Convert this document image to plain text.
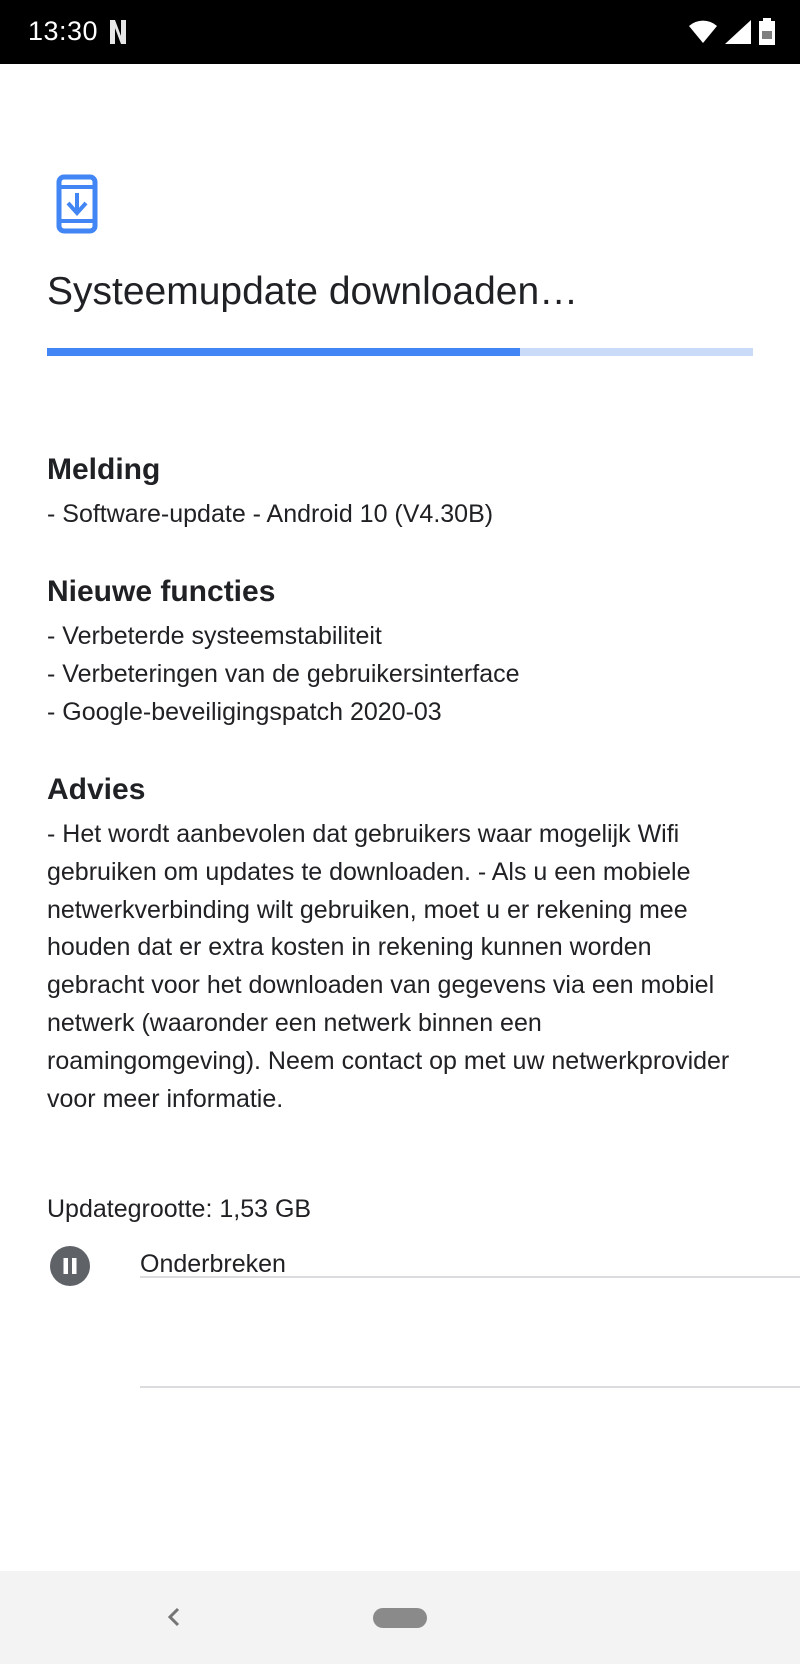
13:30
Systeemupdate downloaden…
Melding

- Software-update - Android 10 (V4.30B)

Nieuwe functies

- Verbeterde systeemstabiliteit

- Verbeteringen van de gebruikersinterface

- Google-beveiligingspatch 2020-03

Advies

- Het wordt aanbevolen dat gebruikers waar mogelijk Wifi gebruiken om updates te downloaden. - Als u een mobiele netwerkverbinding wilt gebruiken, moet u er rekening mee houden dat er extra kosten in rekening kunnen worden gebracht voor het downloaden van gegevens via een mobiel netwerk (waaronder een netwerk binnen een roamingomgeving). Neem contact op met uw netwerkprovider voor meer informatie.

Updategrootte: 1,53 GB
Onderbreken
